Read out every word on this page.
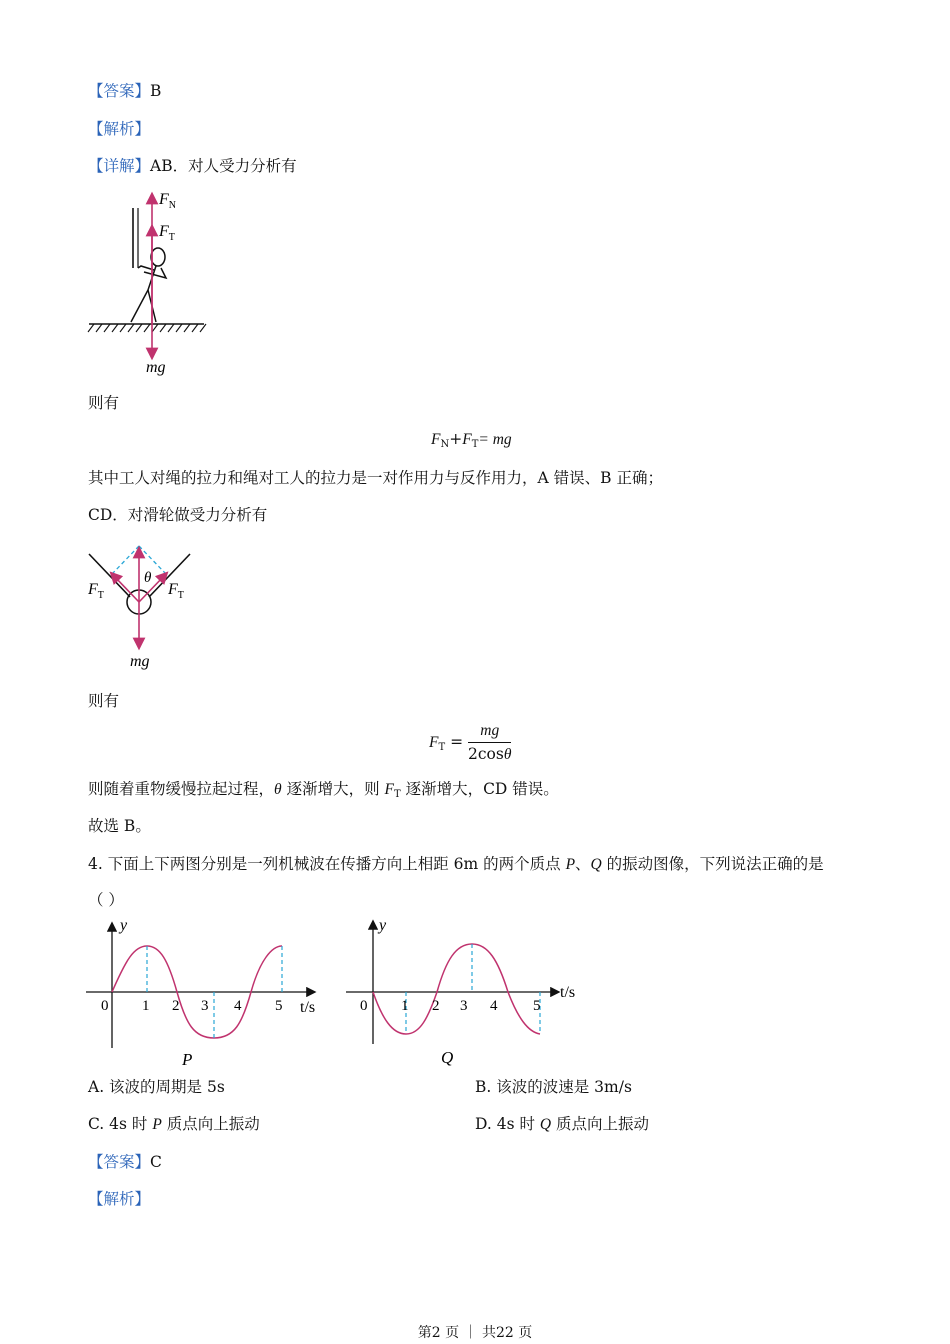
【答案】B
【解析】
【详解】AB．对人受力分析有
$F_N$
$F_T$
mg
则有
$F_N+F_T=$ mg
其中工人对绳的拉力和绳对工人的拉力是一对作用力与反作用力，A 错误、B 正确；
CD．对滑轮做受力分析有
θ
$F_T$	$F_T$
mg
则有
$F_T = \frac{mg}{2\cos\theta}$
则随着重物缓慢拉起过程，θ 逐渐增大，则 $F_T$ 逐渐增大，CD 错误。
故选 B。
4. 下面上下两图分别是一列机械波在传播方向上相距 6m 的两个质点 P、Q 的振动图像，下列说法正确的是
（ ）
y
t/s
0 1 2 3 4 5
P
y
t/s
0 1 2 3 4 5
Q
A. 该波的周期是 5s	B. 该波的波速是 3m/s
C. 4s 时 P 质点向上振动	D. 4s 时 Q 质点向上振动
【答案】C
【解析】
第2 页 ｜ 共22 页
